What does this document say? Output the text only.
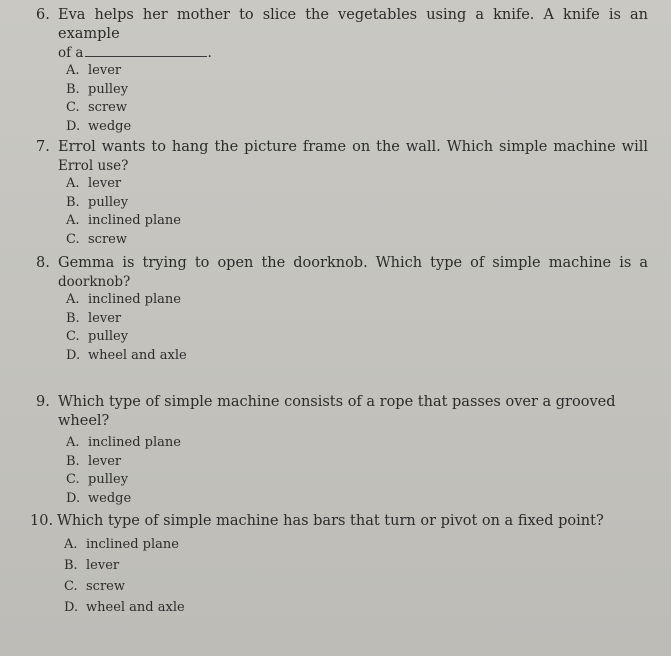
6. Eva helps her mother to slice the vegetables using a knife. A knife is an example
of a	.
A. lever
B. pulley
C. screw
D. wedge
7. Errol wants to hang the picture frame on the wall. Which simple machine will
Errol use?
A. lever
B. pulley
A. inclined plane
C. screw
8. Gemma is trying to open the doorknob. Which type of simple machine is a
doorknob?
A. inclined plane
B. lever
C. pulley
D. wheel and axle
9. Which type of simple machine consists of a rope that passes over a grooved wheel?
A. inclined plane
B. lever
C. pulley
D. wedge
10. Which type of simple machine has bars that turn or pivot on a fixed point?
A. inclined plane
B. lever
C. screw
D. wheel and axle
